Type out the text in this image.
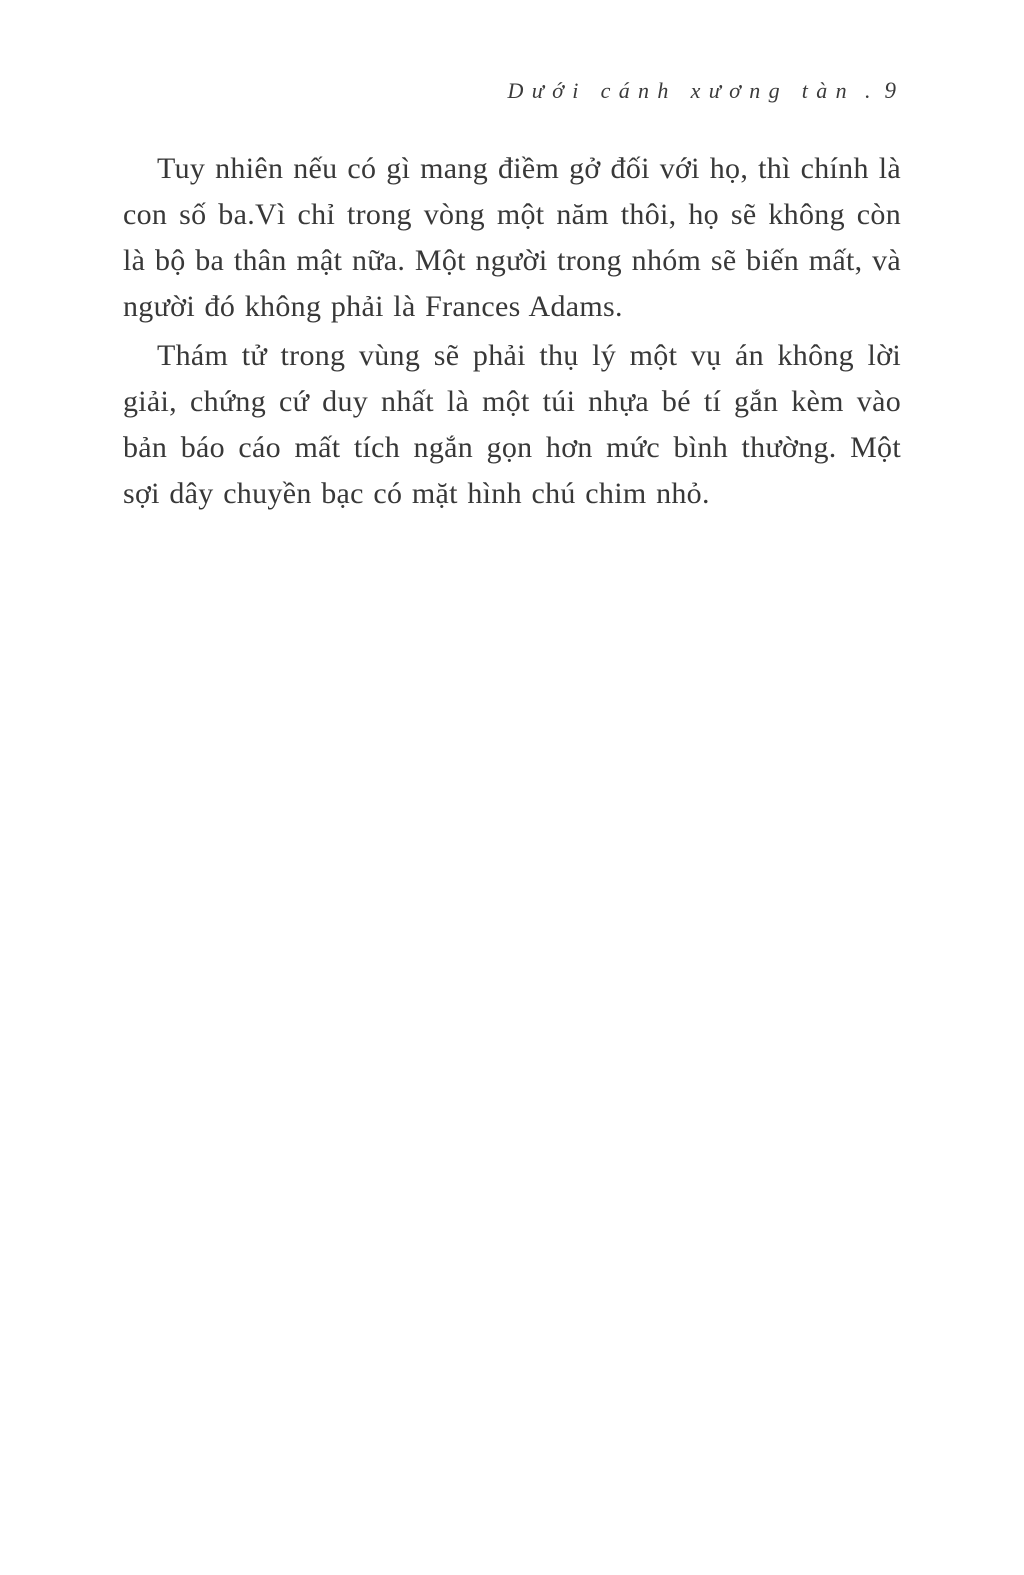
Dưới cánh xương tàn . 9

Tuy nhiên nếu có gì mang điềm gở đối với họ, thì chính là con số ba.Vì chỉ trong vòng một năm thôi, họ sẽ không còn là bộ ba thân mật nữa. Một người trong nhóm sẽ biến mất, và người đó không phải là Frances Adams.

Thám tử trong vùng sẽ phải thụ lý một vụ án không lời giải, chứng cứ duy nhất là một túi nhựa bé tí gắn kèm vào bản báo cáo mất tích ngắn gọn hơn mức bình thường. Một sợi dây chuyền bạc có mặt hình chú chim nhỏ.
